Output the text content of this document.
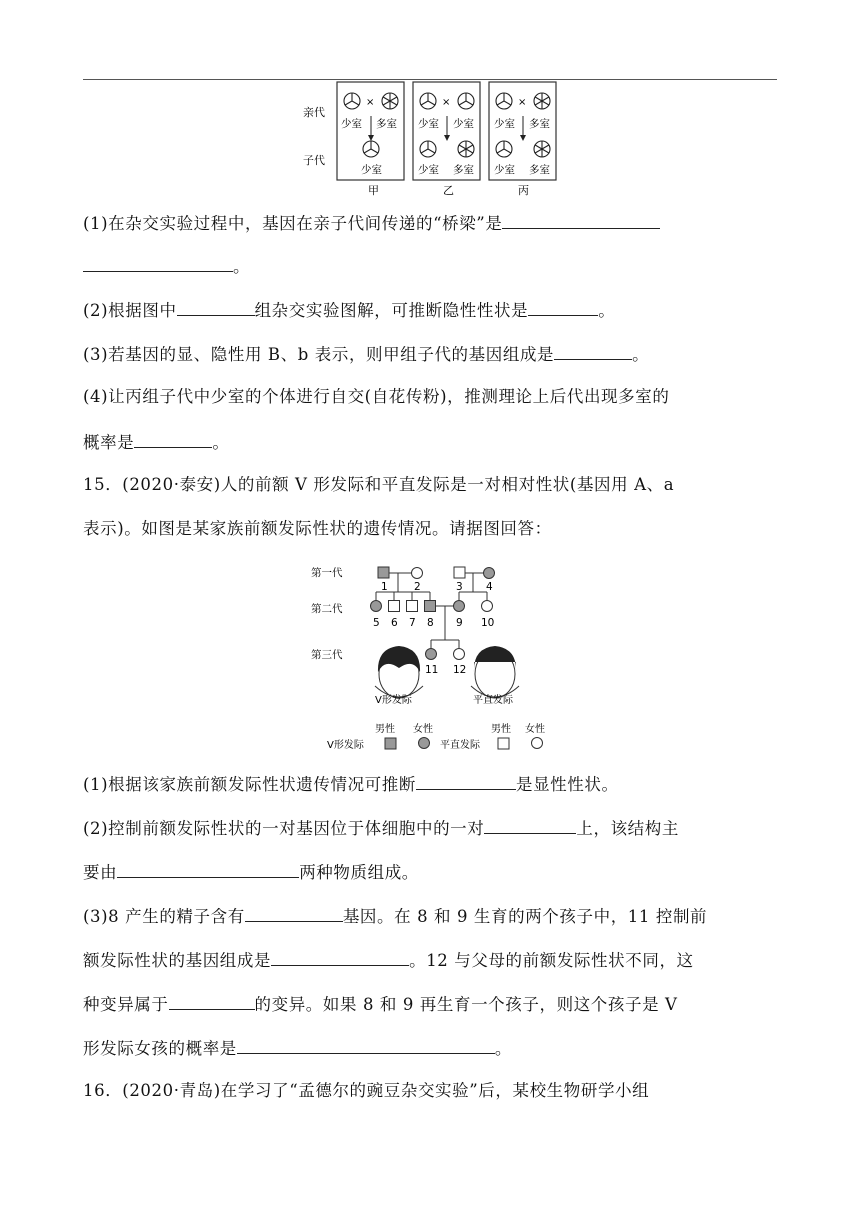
亲代
子代
×
少室 多室
少室
甲
×
少室 少室
少室 多室
乙
×
少室 多室
少室 多室
丙
(1)在杂交实验过程中，基因在亲子代间传递的“桥梁”是
。
(2)根据图中	组杂交实验图解，可推断隐性性状是	。
(3)若基因的显、隐性用 B、b 表示，则甲组子代的基因组成是	。
(4)让丙组子代中少室的个体进行自交(自花传粉)，推测理论上后代出现多室的
概率是	。
15．(2020·泰安)人的前额 V 形发际和平直发际是一对相对性状(基因用 A、a
表示)。如图是某家族前额发际性状的遗传情况。请据图回答：
第一代
第二代
第三代
1	2	3 4
5 6 7 8 9 10
11 12
V形发际	平直发际
男性 女性	男性 女性
V形发际	平直发际
(1)根据该家族前额发际性状遗传情况可推断	是显性性状。
(2)控制前额发际性状的一对基因位于体细胞中的一对	上，该结构主
要由	两种物质组成。
(3)8 产生的精子含有	基因。在 8 和 9 生育的两个孩子中，11 控制前
额发际性状的基因组成是	。12 与父母的前额发际性状不同，这
种变异属于	的变异。如果 8 和 9 再生育一个孩子，则这个孩子是 V
形发际女孩的概率是	。
16．(2020·青岛)在学习了“孟德尔的豌豆杂交实验”后，某校生物研学小组
